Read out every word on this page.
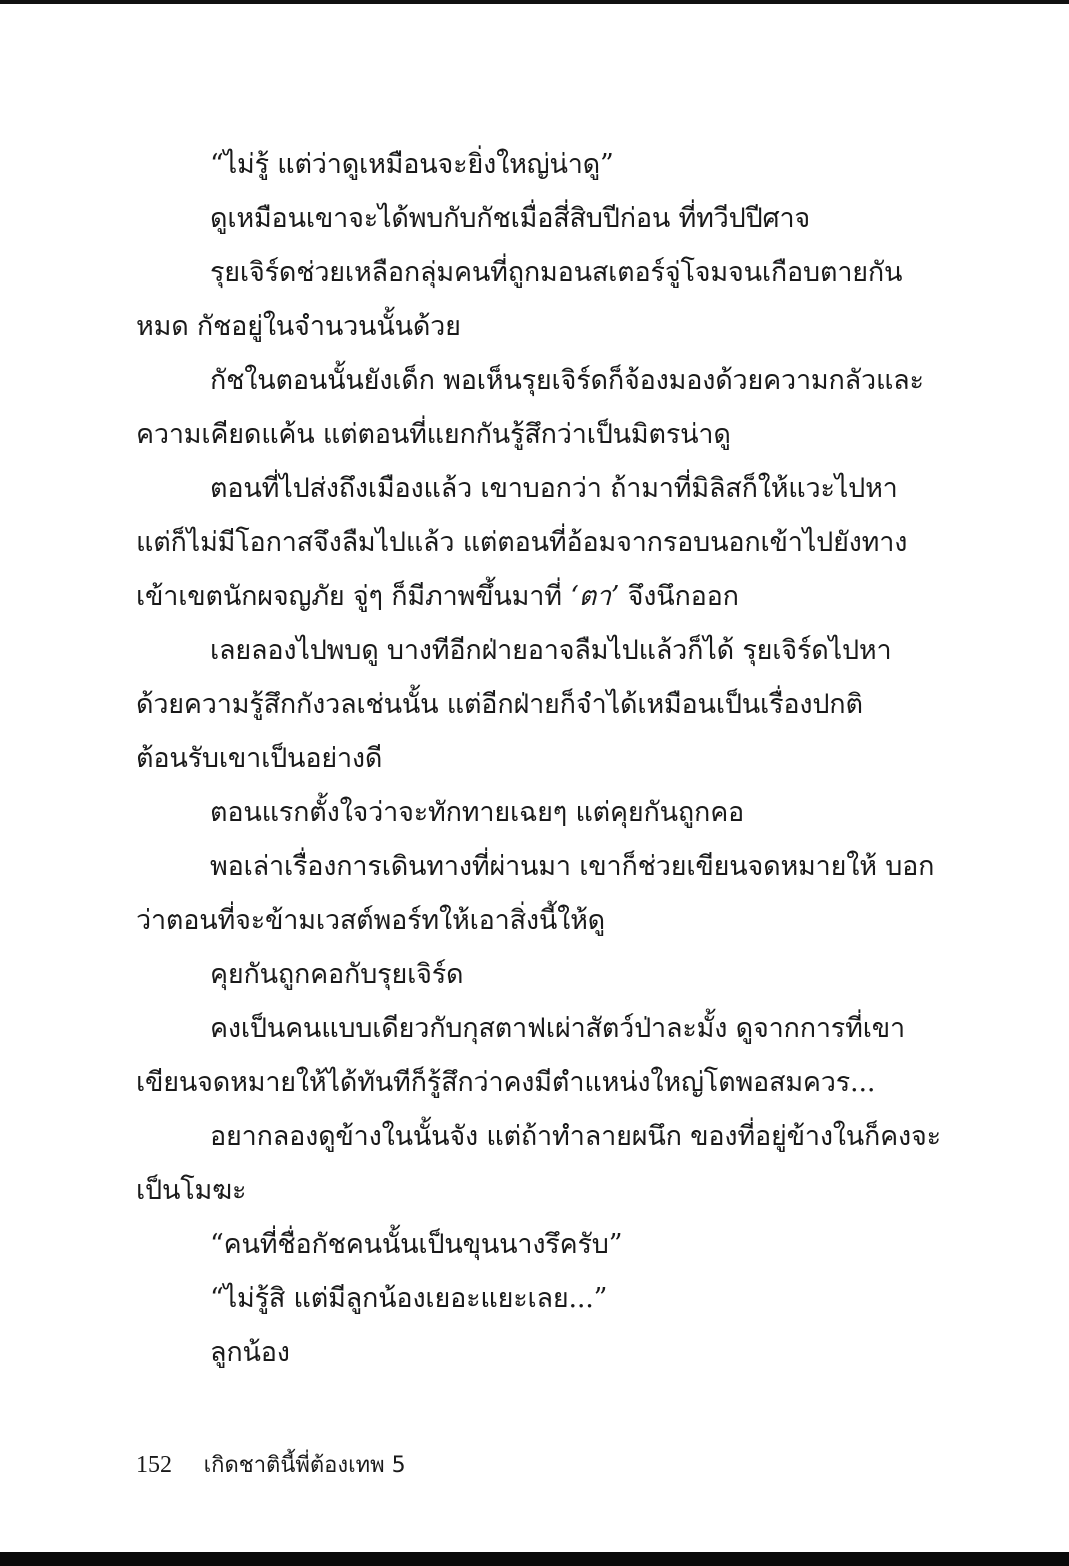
“ไม่รู้ แต่ว่าดูเหมือนจะยิ่งใหญ่น่าดู”
ดูเหมือนเขาจะได้พบกับกัชเมื่อสี่สิบปีก่อน ที่ทวีปปีศาจ
รุยเจิร์ดช่วยเหลือกลุ่มคนที่ถูกมอนสเตอร์จู่โจมจนเกือบตายกัน
หมด กัชอยู่ในจำนวนนั้นด้วย
กัชในตอนนั้นยังเด็ก พอเห็นรุยเจิร์ดก็จ้องมองด้วยความกลัวและ
ความเคียดแค้น แต่ตอนที่แยกกันรู้สึกว่าเป็นมิตรน่าดู
ตอนที่ไปส่งถึงเมืองแล้ว เขาบอกว่า ถ้ามาที่มิลิสก็ให้แวะไปหา
แต่ก็ไม่มีโอกาสจึงลืมไปแล้ว แต่ตอนที่อ้อมจากรอบนอกเข้าไปยังทาง
เข้าเขตนักผจญภัย จู่ๆ ก็มีภาพขึ้นมาที่ ‘ตา’ จึงนึกออก
เลยลองไปพบดู บางทีอีกฝ่ายอาจลืมไปแล้วก็ได้ รุยเจิร์ดไปหา
ด้วยความรู้สึกกังวลเช่นนั้น แต่อีกฝ่ายก็จำได้เหมือนเป็นเรื่องปกติ
ต้อนรับเขาเป็นอย่างดี
ตอนแรกตั้งใจว่าจะทักทายเฉยๆ แต่คุยกันถูกคอ
พอเล่าเรื่องการเดินทางที่ผ่านมา เขาก็ช่วยเขียนจดหมายให้ บอก
ว่าตอนที่จะข้ามเวสต์พอร์ทให้เอาสิ่งนี้ให้ดู
คุยกันถูกคอกับรุยเจิร์ด
คงเป็นคนแบบเดียวกับกุสตาฟเผ่าสัตว์ป่าละมั้ง ดูจากการที่เขา
เขียนจดหมายให้ได้ทันทีก็รู้สึกว่าคงมีตำแหน่งใหญ่โตพอสมควร...
อยากลองดูข้างในนั้นจัง แต่ถ้าทำลายผนึก ของที่อยู่ข้างในก็คงจะ
เป็นโมฆะ
“คนที่ชื่อกัชคนนั้นเป็นขุนนางรึครับ”
“ไม่รู้สิ แต่มีลูกน้องเยอะแยะเลย...”
ลูกน้อง
152 เกิดชาตินี้พี่ต้องเทพ 5
